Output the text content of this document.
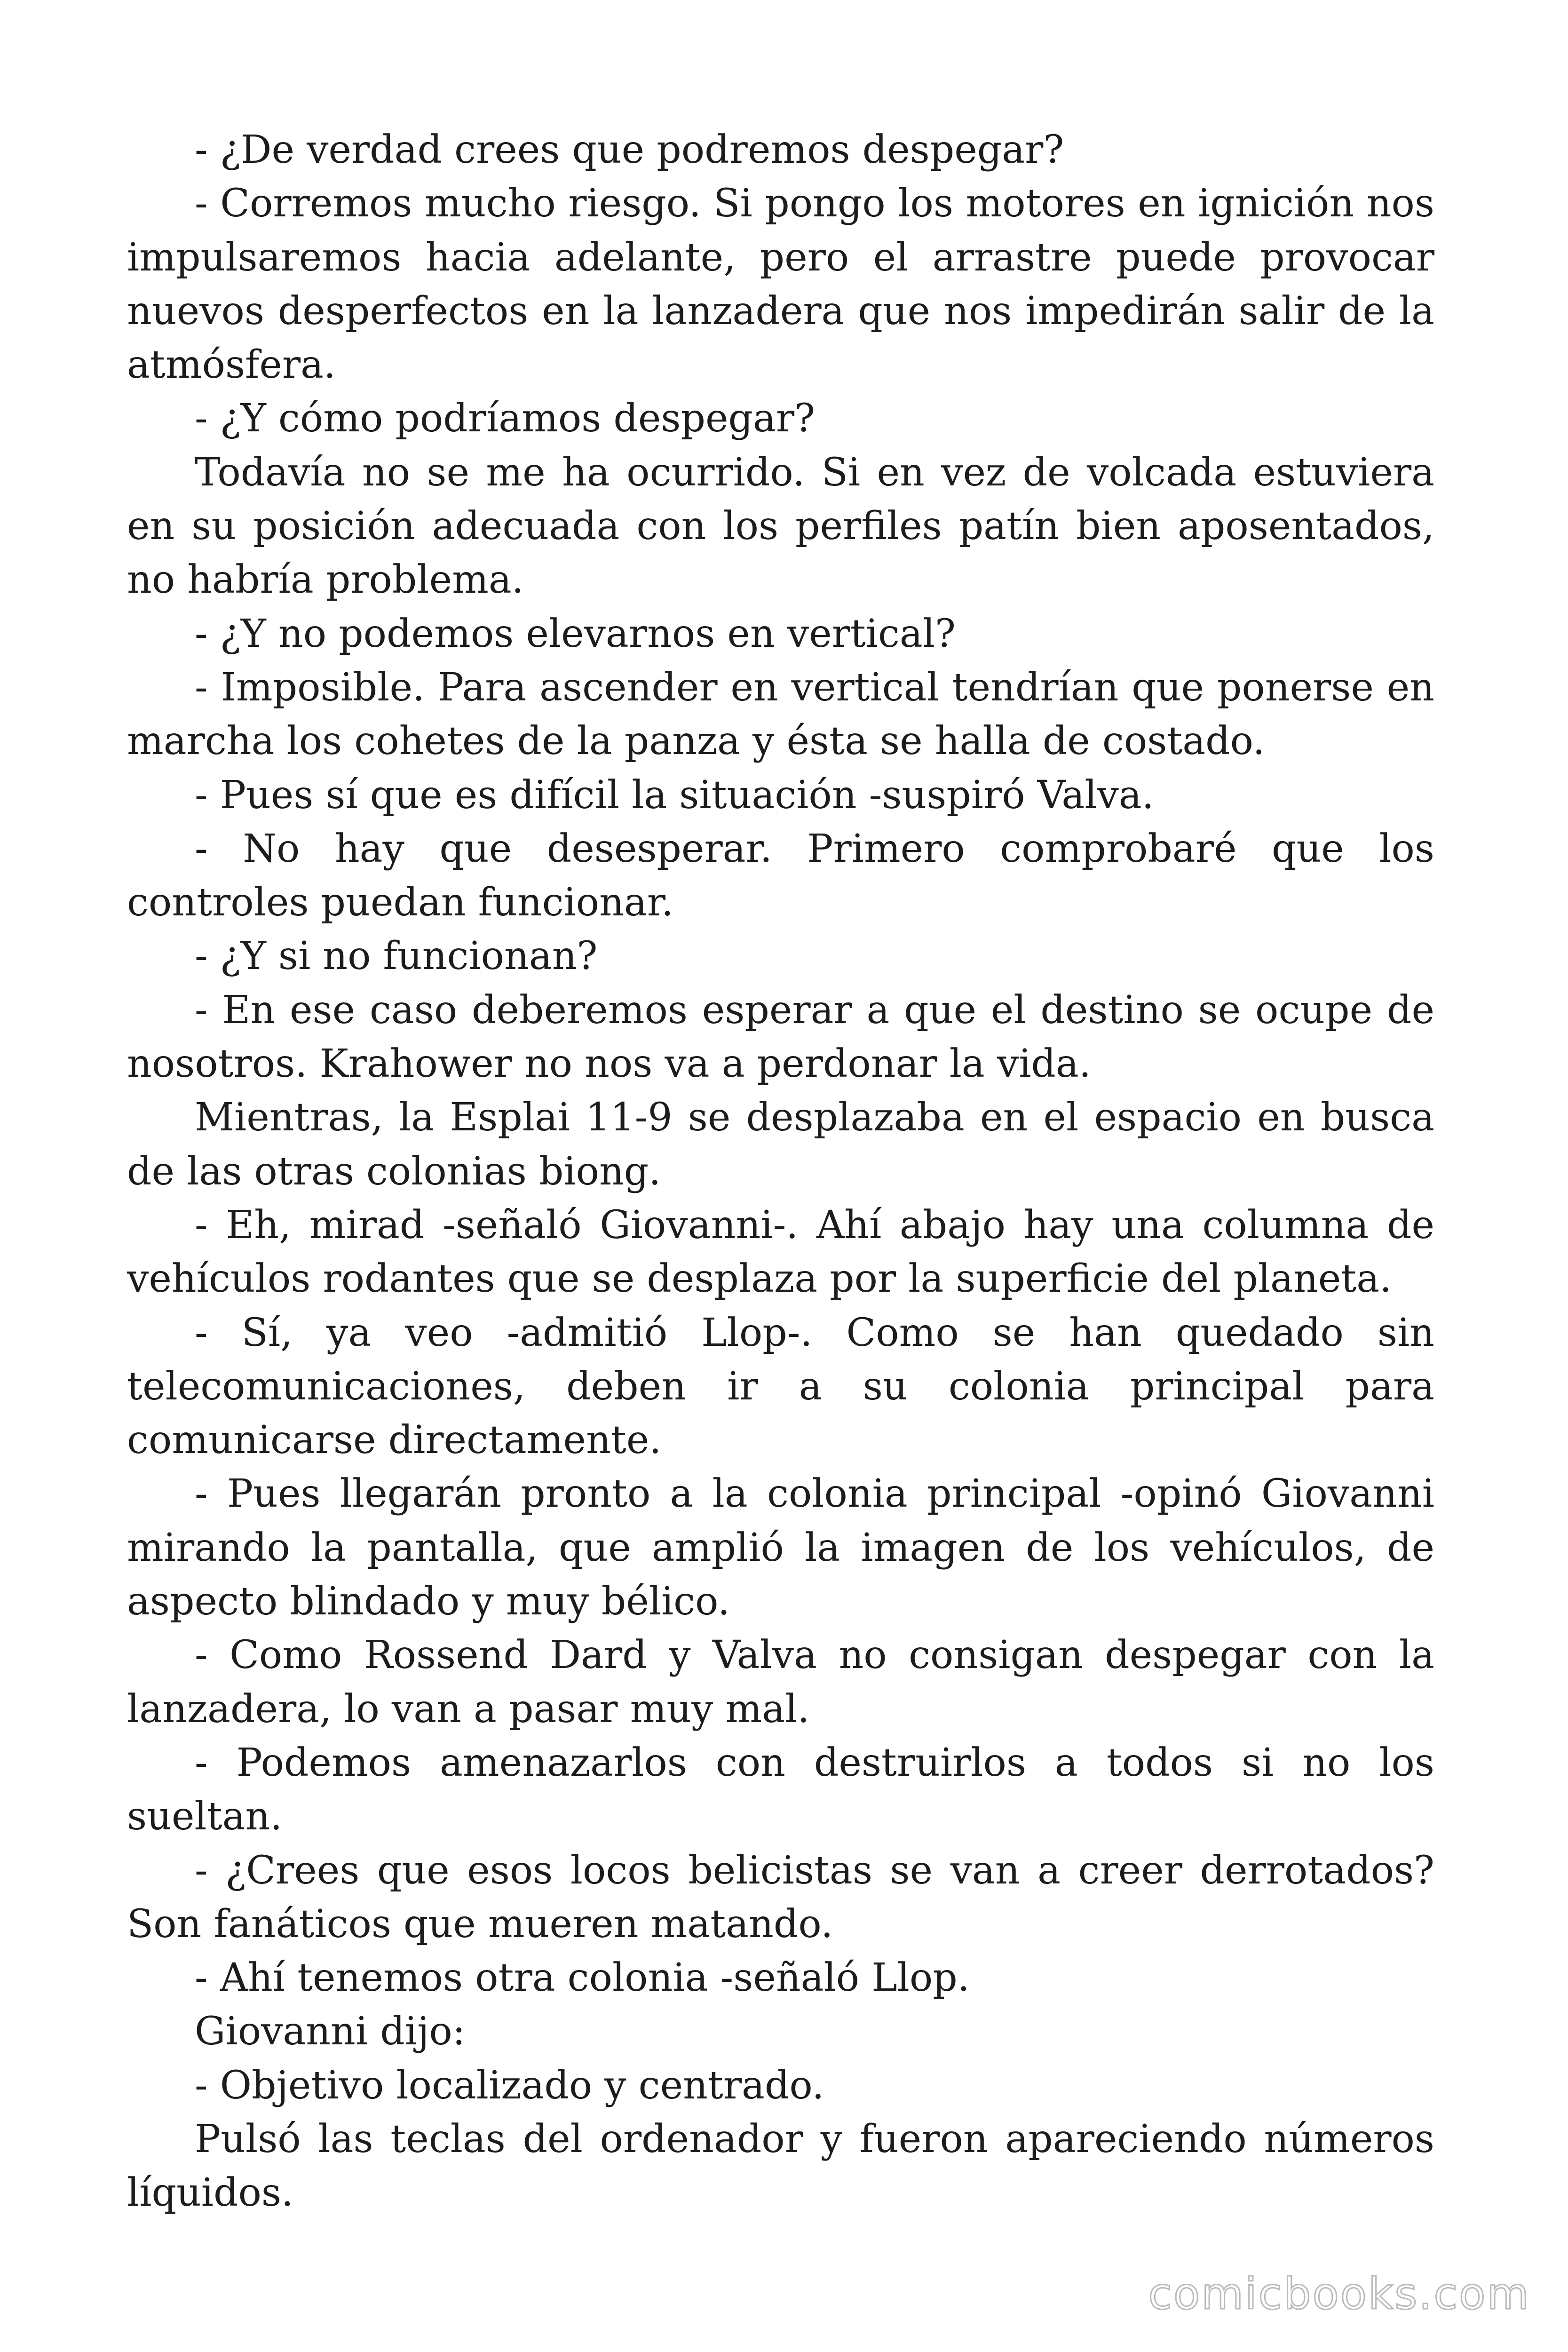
- ¿De verdad crees que podremos despegar?

- Corremos mucho riesgo. Si pongo los motores en ignición nos impulsaremos hacia adelante, pero el arrastre puede provocar nuevos desperfectos en la lanzadera que nos impedirán salir de la atmósfera.

- ¿Y cómo podríamos despegar?

Todavía no se me ha ocurrido. Si en vez de volcada estuviera en su posición adecuada con los perfiles patín bien aposentados, no habría problema.

- ¿Y no podemos elevarnos en vertical?

- Imposible. Para ascender en vertical tendrían que ponerse en marcha los cohetes de la panza y ésta se halla de costado.

- Pues sí que es difícil la situación -suspiró Valva.

- No hay que desesperar. Primero comprobaré que los controles puedan funcionar.

- ¿Y si no funcionan?

- En ese caso deberemos esperar a que el destino se ocupe de nosotros. Krahower no nos va a perdonar la vida.

Mientras, la Esplai 11-9 se desplazaba en el espacio en busca de las otras colonias biong.

- Eh, mirad -señaló Giovanni-. Ahí abajo hay una columna de vehículos rodantes que se desplaza por la superficie del planeta.

- Sí, ya veo -admitió Llop-. Como se han quedado sin telecomunicaciones, deben ir a su colonia principal para comunicarse directamente.

- Pues llegarán pronto a la colonia principal -opinó Giovanni mirando la pantalla, que amplió la imagen de los vehículos, de aspecto blindado y muy bélico.

- Como Rossend Dard y Valva no consigan despegar con la lanzadera, lo van a pasar muy mal.

- Podemos amenazarlos con destruirlos a todos si no los sueltan.

- ¿Crees que esos locos belicistas se van a creer derrotados? Son fanáticos que mueren matando.

- Ahí tenemos otra colonia -señaló Llop.

Giovanni dijo:

- Objetivo localizado y centrado.

Pulsó las teclas del ordenador y fueron apareciendo números líquidos.

comicbooks.com
